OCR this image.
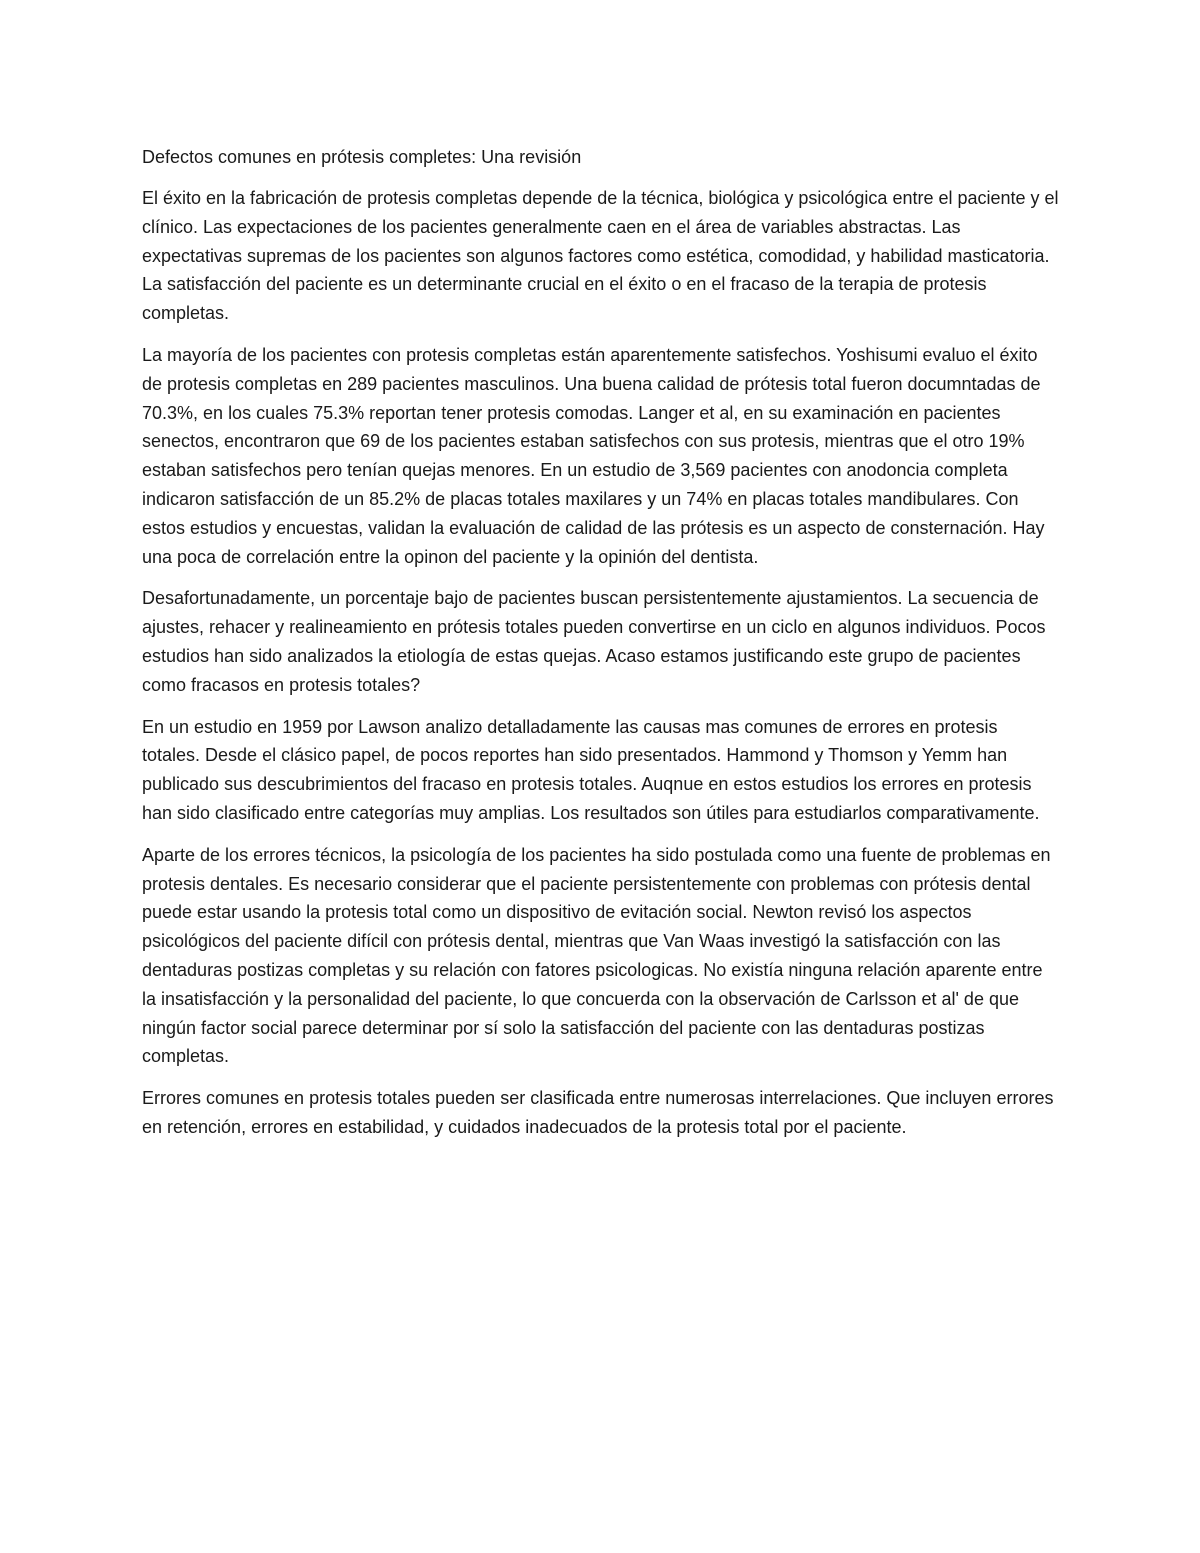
Defectos comunes en prótesis completes: Una revisión

El éxito en la fabricación de protesis completas depende de la técnica, biológica y psicológica entre el paciente y el clínico. Las expectaciones de los pacientes generalmente caen en el área de variables abstractas. Las expectativas supremas de los pacientes son algunos factores como estética, comodidad, y habilidad masticatoria. La satisfacción del paciente es un determinante crucial en el éxito o en el fracaso de la terapia de protesis completas.

La mayoría de los pacientes con protesis completas están aparentemente satisfechos. Yoshisumi evaluo el éxito de protesis completas en 289 pacientes masculinos. Una buena calidad de prótesis total fueron documntadas de 70.3%, en los cuales 75.3% reportan tener protesis comodas. Langer et al, en su examinación en pacientes senectos, encontraron que 69 de los pacientes estaban satisfechos con sus protesis, mientras que el otro 19% estaban satisfechos pero tenían quejas menores. En un estudio de 3,569 pacientes con anodoncia completa indicaron satisfacción de un 85.2% de placas totales maxilares y un 74% en placas totales mandibulares. Con estos estudios y encuestas, validan la evaluación de calidad de las prótesis es un aspecto de consternación. Hay una poca de correlación entre la opinon del paciente y la opinión del dentista.

Desafortunadamente, un porcentaje bajo de pacientes buscan persistentemente ajustamientos. La secuencia de ajustes, rehacer y realineamiento en prótesis totales pueden convertirse en un ciclo en algunos individuos. Pocos estudios han sido analizados la etiología de estas quejas. Acaso estamos justificando este grupo de pacientes como fracasos en protesis totales?

En un estudio en 1959 por Lawson analizo detalladamente las causas mas comunes de errores en protesis totales. Desde el clásico papel, de pocos reportes han sido presentados. Hammond y Thomson y Yemm han publicado sus descubrimientos del fracaso en protesis totales. Auqnue en estos estudios los errores en protesis han sido clasificado entre categorías muy amplias. Los resultados son útiles para estudiarlos comparativamente.

Aparte de los errores técnicos, la psicología de los pacientes ha sido postulada como una fuente de problemas en protesis dentales. Es necesario considerar que el paciente persistentemente con problemas con prótesis dental puede estar usando la protesis total como un dispositivo de evitación social. Newton revisó los aspectos psicológicos del paciente difícil con prótesis dental, mientras que Van Waas investigó la satisfacción con las dentaduras postizas completas y su relación con fatores psicologicas. No existía ninguna relación aparente entre la insatisfacción y la personalidad del paciente, lo que concuerda con la observación de Carlsson et al' de que ningún factor social parece determinar por sí solo la satisfacción del paciente con las dentaduras postizas completas.

Errores comunes en protesis totales pueden ser clasificada entre numerosas interrelaciones. Que incluyen errores en retención, errores en estabilidad, y cuidados inadecuados de la protesis total por el paciente.
